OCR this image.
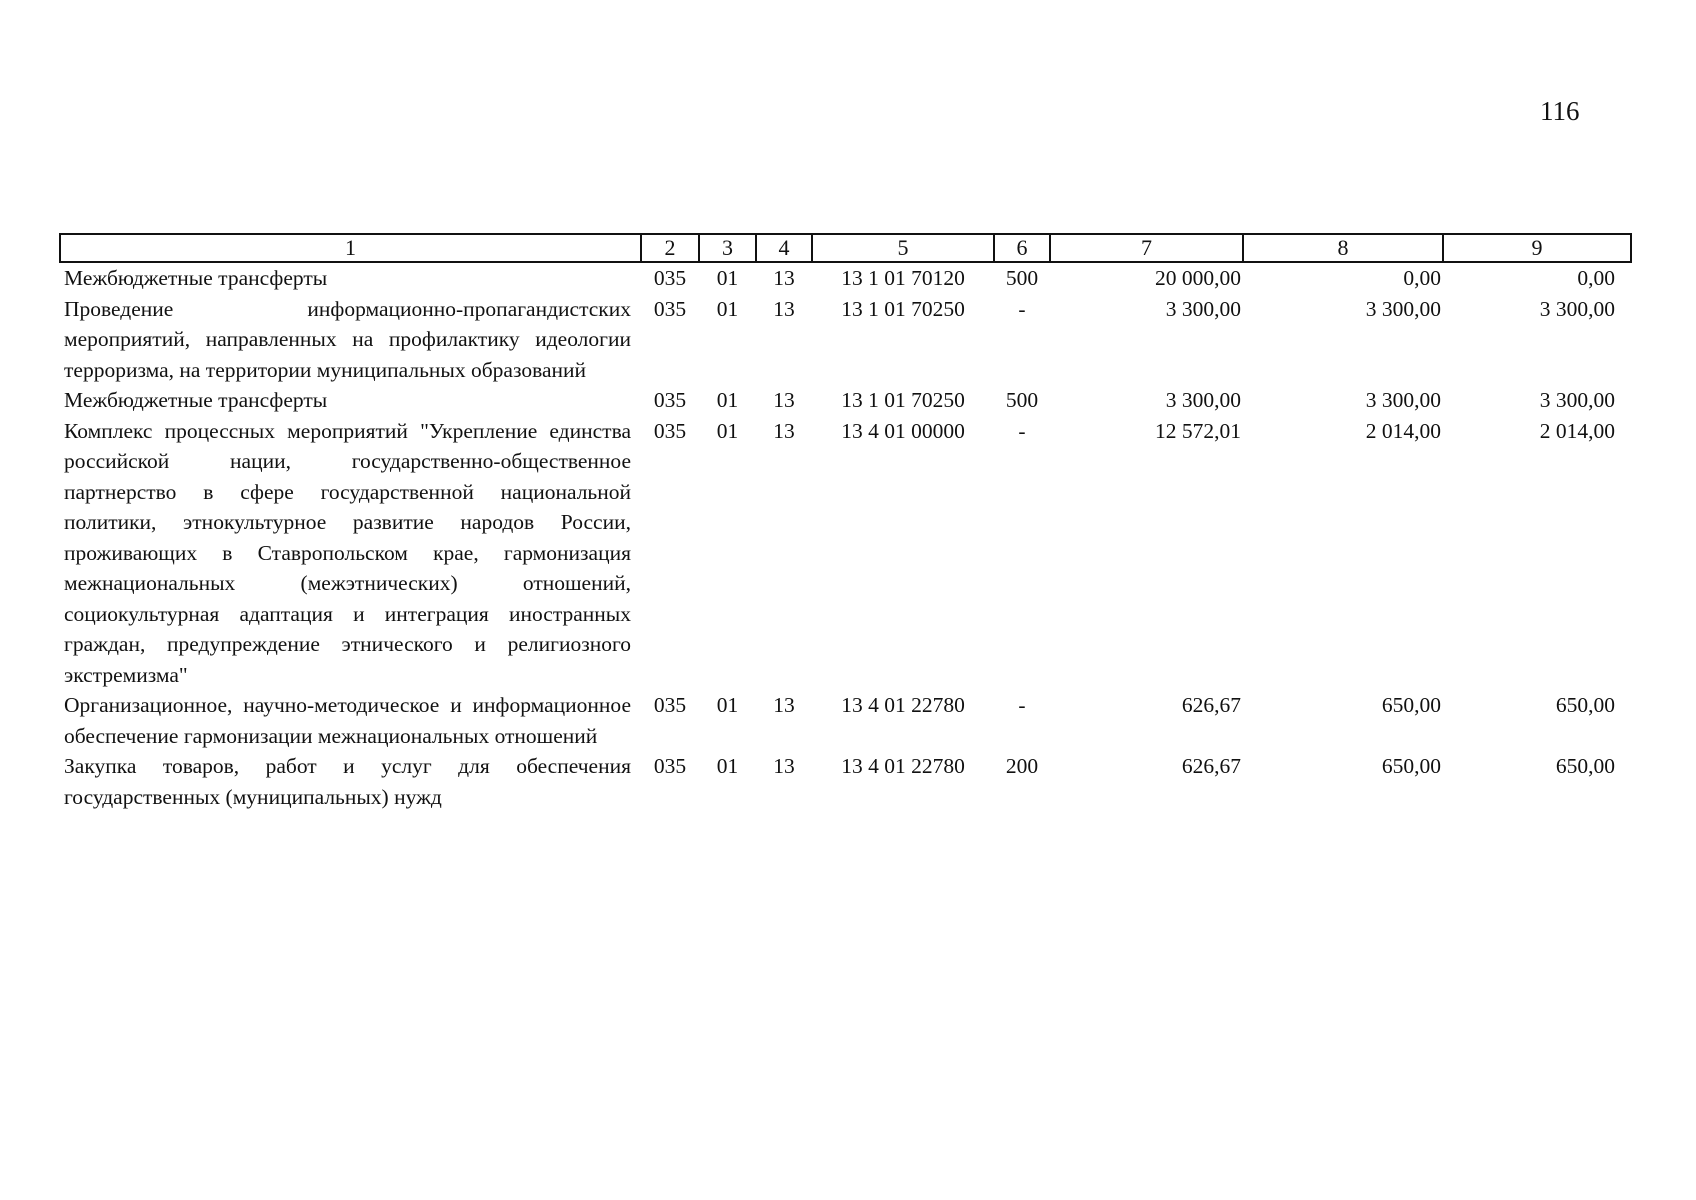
116
1	2	3	4	5	6	7	8	9
Межбюджетные трансферты	035	01	13	13 1 01 70120	500	20 000,00	0,00	0,00
Проведение информационно-пропагандистских мероприятий, направленных на профилактику идеологии терроризма, на территории муниципальных образований	035	01	13	13 1 01 70250	-	3 300,00	3 300,00	3 300,00
Межбюджетные трансферты	035	01	13	13 1 01 70250	500	3 300,00	3 300,00	3 300,00
Комплекс процессных мероприятий "Укрепление единства российской нации, государственно-общественное партнерство в сфере государственной национальной политики, этнокультурное развитие народов России, проживающих в Ставропольском крае, гармонизация межнациональных (межэтнических) отношений, социокультурная адаптация и интеграция иностранных граждан, предупреждение этнического и религиозного экстремизма"	035	01	13	13 4 01 00000	-	12 572,01	2 014,00	2 014,00
Организационное, научно-методическое и информационное обеспечение гармонизации межнациональных отношений	035	01	13	13 4 01 22780	-	626,67	650,00	650,00
Закупка товаров, работ и услуг для обеспечения государственных (муниципальных) нужд	035	01	13	13 4 01 22780	200	626,67	650,00	650,00
